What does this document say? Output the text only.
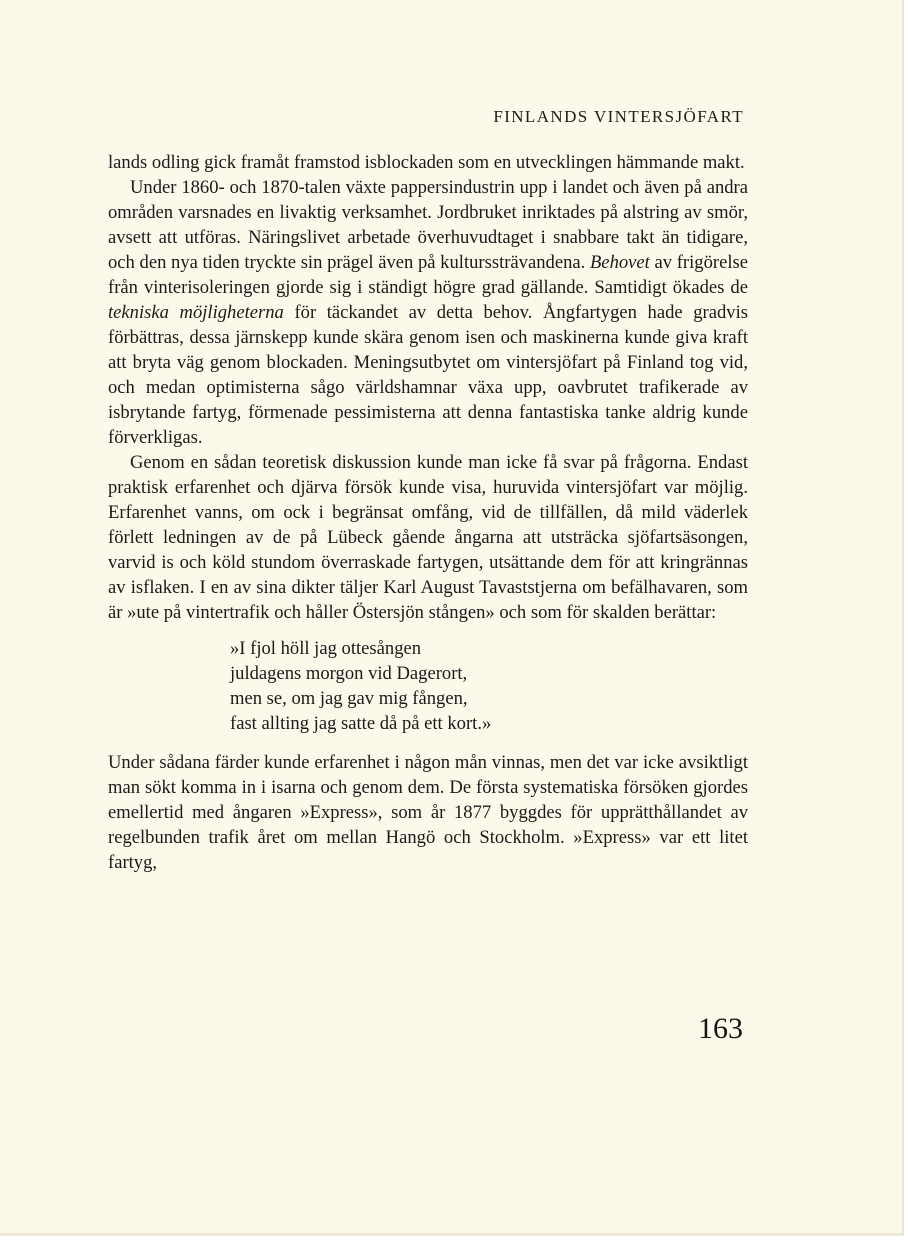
FINLANDS VINTERSJÖFART

lands odling gick framåt framstod isblockaden som en utvecklingen hämmande makt.

Under 1860- och 1870-talen växte pappersindustrin upp i landet och även på andra områden varsnades en livaktig verksamhet. Jordbruket inriktades på alstring av smör, avsett att utföras. Näringslivet arbetade överhuvudtaget i snabbare takt än tidigare, och den nya tiden tryckte sin prägel även på kulturssträvandena. Behovet av frigörelse från vinterisoleringen gjorde sig i ständigt högre grad gällande. Samtidigt ökades de tekniska möjligheterna för täckandet av detta behov. Ångfartygen hade gradvis förbättras, dessa järnskepp kunde skära genom isen och maskinerna kunde giva kraft att bryta väg genom blockaden. Meningsutbytet om vintersjöfart på Finland tog vid, och medan optimisterna sågo världshamnar växa upp, oavbrutet trafikerade av isbrytande fartyg, förmenade pessimisterna att denna fantastiska tanke aldrig kunde förverkligas.

Genom en sådan teoretisk diskussion kunde man icke få svar på frågorna. Endast praktisk erfarenhet och djärva försök kunde visa, huruvida vintersjöfart var möjlig. Erfarenhet vanns, om ock i begränsat omfång, vid de tillfällen, då mild väderlek förlett ledningen av de på Lübeck gående ångarna att utsträcka sjöfartsäsongen, varvid is och köld stundom överraskade fartygen, utsättande dem för att kringrännas av isflaken. I en av sina dikter täljer Karl August Tavaststjerna om befälhavaren, som är »ute på vintertrafik och håller Östersjön stången» och som för skalden berättar:

»I fjol höll jag ottesången
juldagens morgon vid Dagerort,
men se, om jag gav mig fången,
fast allting jag satte då på ett kort.»

Under sådana färder kunde erfarenhet i någon mån vinnas, men det var icke avsiktligt man sökt komma in i isarna och genom dem. De första systematiska försöken gjordes emellertid med ångaren »Express», som år 1877 byggdes för upprätthållandet av regelbunden trafik året om mellan Hangö och Stockholm. »Express» var ett litet fartyg,

163
